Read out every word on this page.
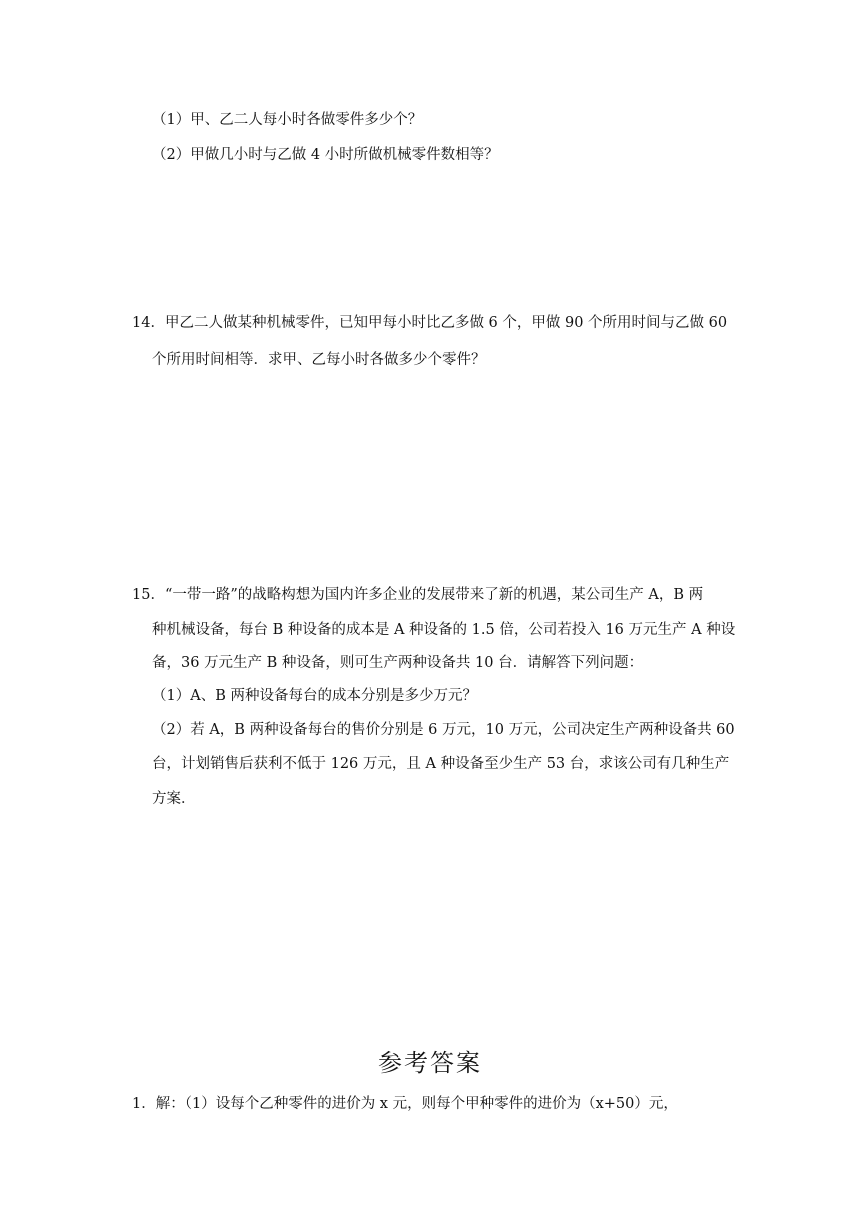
（1）甲、乙二人每小时各做零件多少个？
（2）甲做几小时与乙做 4 小时所做机械零件数相等？
14．甲乙二人做某种机械零件，已知甲每小时比乙多做 6 个，甲做 90 个所用时间与乙做 60
个所用时间相等．求甲、乙每小时各做多少个零件？
15．“一带一路”的战略构想为国内许多企业的发展带来了新的机遇，某公司生产 A，B 两
种机械设备，每台 B 种设备的成本是 A 种设备的 1.5 倍，公司若投入 16 万元生产 A 种设
备，36 万元生产 B 种设备，则可生产两种设备共 10 台．请解答下列问题：
（1）A、B 两种设备每台的成本分别是多少万元？
（2）若 A，B 两种设备每台的售价分别是 6 万元，10 万元，公司决定生产两种设备共 60
台，计划销售后获利不低于 126 万元，且 A 种设备至少生产 53 台，求该公司有几种生产
方案．
参考答案
1．解：（1）设每个乙种零件的进价为 x 元，则每个甲种零件的进价为（x+50）元，
